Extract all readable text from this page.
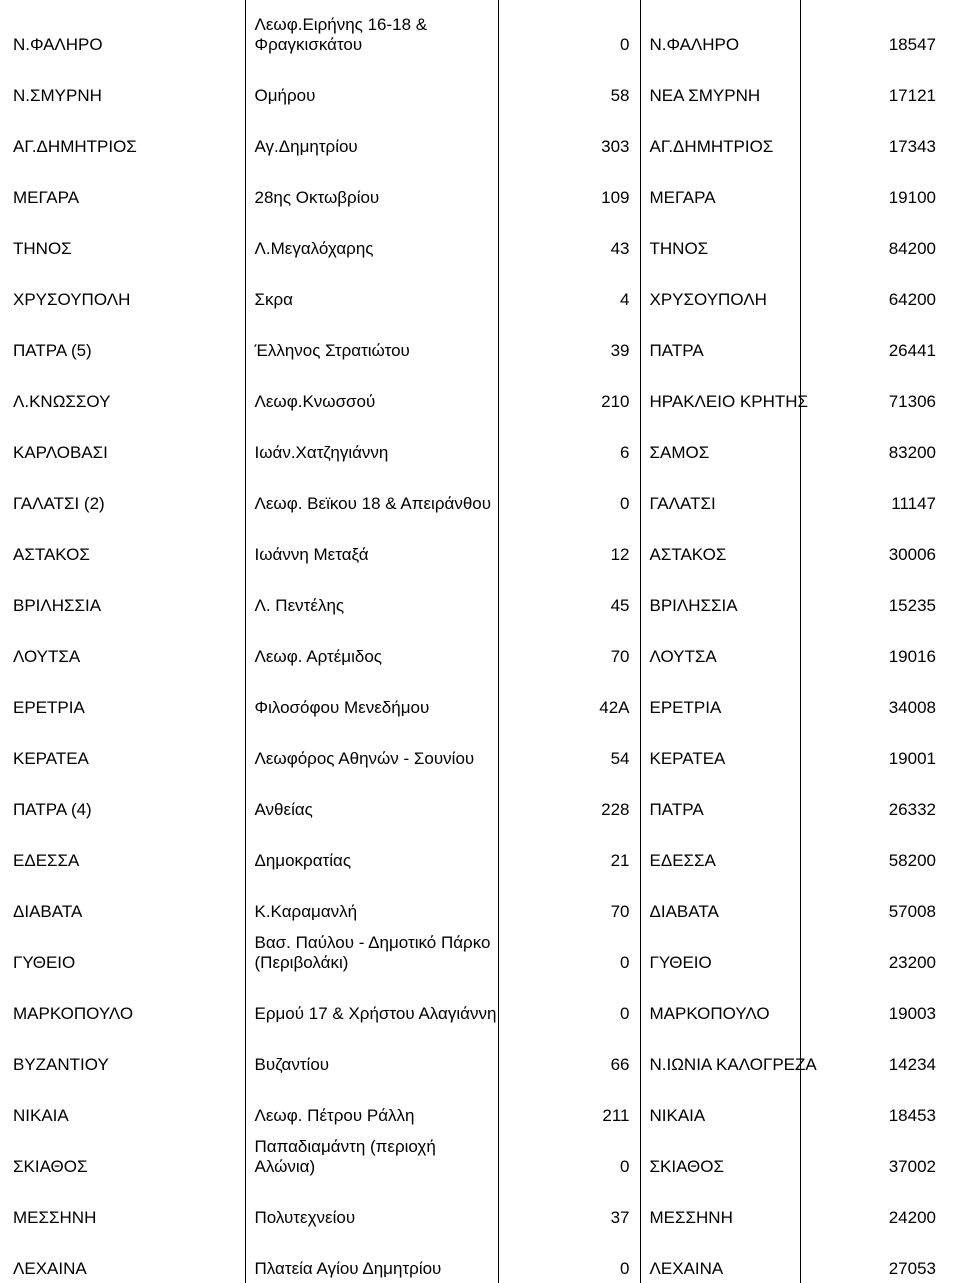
Ν.ΦΑΛΗΡΟ	Λεωφ.Ειρήνης 16-18 & Φραγκισκάτου	0	Ν.ΦΑΛΗΡΟ	18547
Ν.ΣΜΥΡΝΗ	Ομήρου	58	ΝΕΑ ΣΜΥΡΝΗ	17121
ΑΓ.ΔΗΜΗΤΡΙΟΣ	Αγ.Δημητρίου	303	ΑΓ.ΔΗΜΗΤΡΙΟΣ	17343
ΜΕΓΑΡΑ	28ης Οκτωβρίου	109	ΜΕΓΑΡΑ	19100
ΤΗΝΟΣ	Λ.Μεγαλόχαρης	43	ΤΗΝΟΣ	84200
ΧΡΥΣΟΥΠΟΛΗ	Σκρα	4	ΧΡΥΣΟΥΠΟΛΗ	64200
ΠΑΤΡΑ (5)	Έλληνος Στρατιώτου	39	ΠΑΤΡΑ	26441
Λ.ΚΝΩΣΣΟΥ	Λεωφ.Κνωσσού	210	ΗΡΑΚΛΕΙΟ ΚΡΗΤΗΣ	71306
ΚΑΡΛΟΒΑΣΙ	Ιωάν.Χατζηγιάννη	6	ΣΑΜΟΣ	83200
ΓΑΛΑΤΣΙ (2)	Λεωφ. Βεϊκου 18 & Απειράνθου	0	ΓΑΛΑΤΣΙ	11147
ΑΣΤΑΚΟΣ	Ιωάννη Μεταξά	12	ΑΣΤΑΚΟΣ	30006
ΒΡΙΛΗΣΣΙΑ	Λ. Πεντέλης	45	ΒΡΙΛΗΣΣΙΑ	15235
ΛΟΥΤΣΑ	Λεωφ. Αρτέμιδος	70	ΛΟΥΤΣΑ	19016
ΕΡΕΤΡΙΑ	Φιλοσόφου Μενεδήμου	42Α	ΕΡΕΤΡΙΑ	34008
ΚΕΡΑΤΕΑ	Λεωφόρος Αθηνών - Σουνίου	54	ΚΕΡΑΤΕΑ	19001
ΠΑΤΡΑ (4)	Ανθείας	228	ΠΑΤΡΑ	26332
ΕΔΕΣΣΑ	Δημοκρατίας	21	ΕΔΕΣΣΑ	58200
ΔΙΑΒΑΤΑ	Κ.Καραμανλή	70	ΔΙΑΒΑΤΑ	57008
ΓΥΘΕΙΟ	Βασ. Παύλου - Δημοτικό Πάρκο (Περιβολάκι)	0	ΓΥΘΕΙΟ	23200
ΜΑΡΚΟΠΟΥΛΟ	Ερμού 17 & Χρήστου Αλαγιάννη	0	ΜΑΡΚΟΠΟΥΛΟ	19003
ΒΥΖΑΝΤΙΟΥ	Βυζαντίου	66	Ν.ΙΩΝΙΑ ΚΑΛΟΓΡΕΖΑ	14234
ΝΙΚΑΙΑ	Λεωφ. Πέτρου Ράλλη	211	ΝΙΚΑΙΑ	18453
ΣΚΙΑΘΟΣ	Παπαδιαμάντη (περιοχή Αλώνια)	0	ΣΚΙΑΘΟΣ	37002
ΜΕΣΣΗΝΗ	Πολυτεχνείου	37	ΜΕΣΣΗΝΗ	24200
ΛΕΧΑΙΝΑ	Πλατεία Αγίου Δημητρίου	0	ΛΕΧΑΙΝΑ	27053
